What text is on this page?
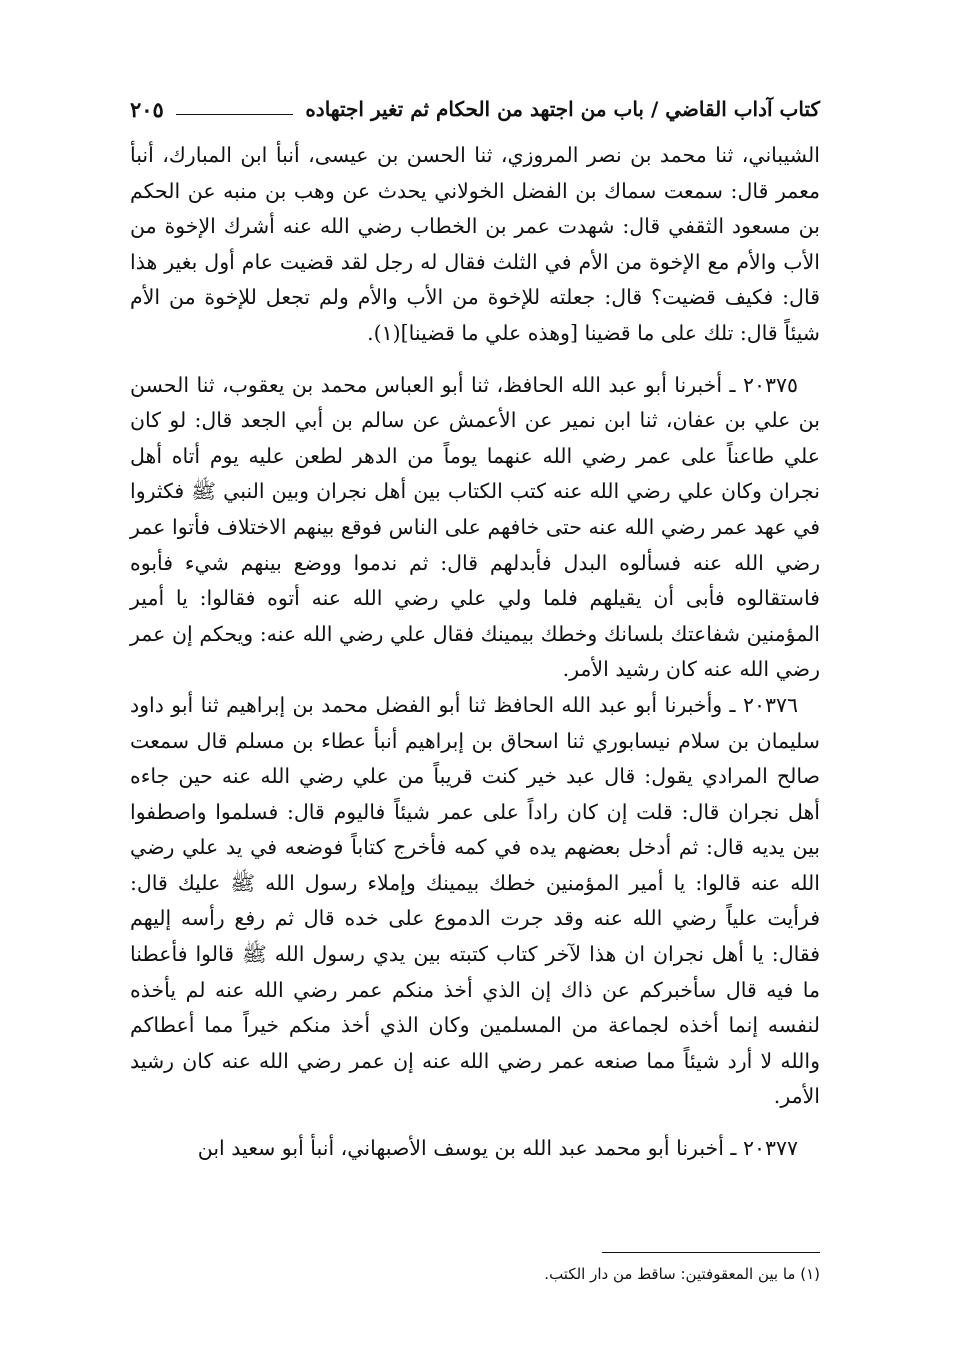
كتاب آداب القاضي / باب من اجتهد من الحكام ثم تغير اجتهاده
٢٠٥

الشيباني، ثنا محمد بن نصر المروزي، ثنا الحسن بن عيسى، أنبأ ابن المبارك، أنبأ معمر قال: سمعت سماك بن الفضل الخولاني يحدث عن وهب بن منبه عن الحكم بن مسعود الثقفي قال: شهدت عمر بن الخطاب رضي الله عنه أشرك الإخوة من الأب والأم مع الإخوة من الأم في الثلث فقال له رجل لقد قضيت عام أول بغير هذا قال: فكيف قضيت؟ قال: جعلته للإخوة من الأب والأم ولم تجعل للإخوة من الأم شيئاً قال: تلك على ما قضينا [وهذه علي ما قضينا](١).

٢٠٣٧٥ ـ أخبرنا أبو عبد الله الحافظ، ثنا أبو العباس محمد بن يعقوب، ثنا الحسن بن علي بن عفان، ثنا ابن نمير عن الأعمش عن سالم بن أبي الجعد قال: لو كان علي طاعناً على عمر رضي الله عنهما يوماً من الدهر لطعن عليه يوم أتاه أهل نجران وكان علي رضي الله عنه كتب الكتاب بين أهل نجران وبين النبي ﷺ فكثروا في عهد عمر رضي الله عنه حتى خافهم على الناس فوقع بينهم الاختلاف فأتوا عمر رضي الله عنه فسألوه البدل فأبدلهم قال: ثم ندموا ووضع بينهم شيء فأبوه فاستقالوه فأبى أن يقيلهم فلما ولي علي رضي الله عنه أتوه فقالوا: يا أمير المؤمنين شفاعتك بلسانك وخطك بيمينك فقال علي رضي الله عنه: ويحكم إن عمر رضي الله عنه كان رشيد الأمر.

٢٠٣٧٦ ـ وأخبرنا أبو عبد الله الحافظ ثنا أبو الفضل محمد بن إبراهيم ثنا أبو داود سليمان بن سلام نيسابوري ثنا اسحاق بن إبراهيم أنبأ عطاء بن مسلم قال سمعت صالح المرادي يقول: قال عبد خير كنت قريباً من علي رضي الله عنه حين جاءه أهل نجران قال: قلت إن كان راداً على عمر شيئاً فاليوم قال: فسلموا واصطفوا بين يديه قال: ثم أدخل بعضهم يده في كمه فأخرج كتاباً فوضعه في يد علي رضي الله عنه قالوا: يا أمير المؤمنين خطك بيمينك وإملاء رسول الله ﷺ عليك قال: فرأيت علياً رضي الله عنه وقد جرت الدموع على خده قال ثم رفع رأسه إليهم فقال: يا أهل نجران ان هذا لآخر كتاب كتبته بين يدي رسول الله ﷺ قالوا فأعطنا ما فيه قال سأخبركم عن ذاك إن الذي أخذ منكم عمر رضي الله عنه لم يأخذه لنفسه إنما أخذه لجماعة من المسلمين وكان الذي أخذ منكم خيراً مما أعطاكم والله لا أرد شيئاً مما صنعه عمر رضي الله عنه إن عمر رضي الله عنه كان رشيد الأمر.

٢٠٣٧٧ ـ أخبرنا أبو محمد عبد الله بن يوسف الأصبهاني، أنبأ أبو سعيد ابن

(١) ما بين المعقوفتين: ساقط من دار الكتب.
